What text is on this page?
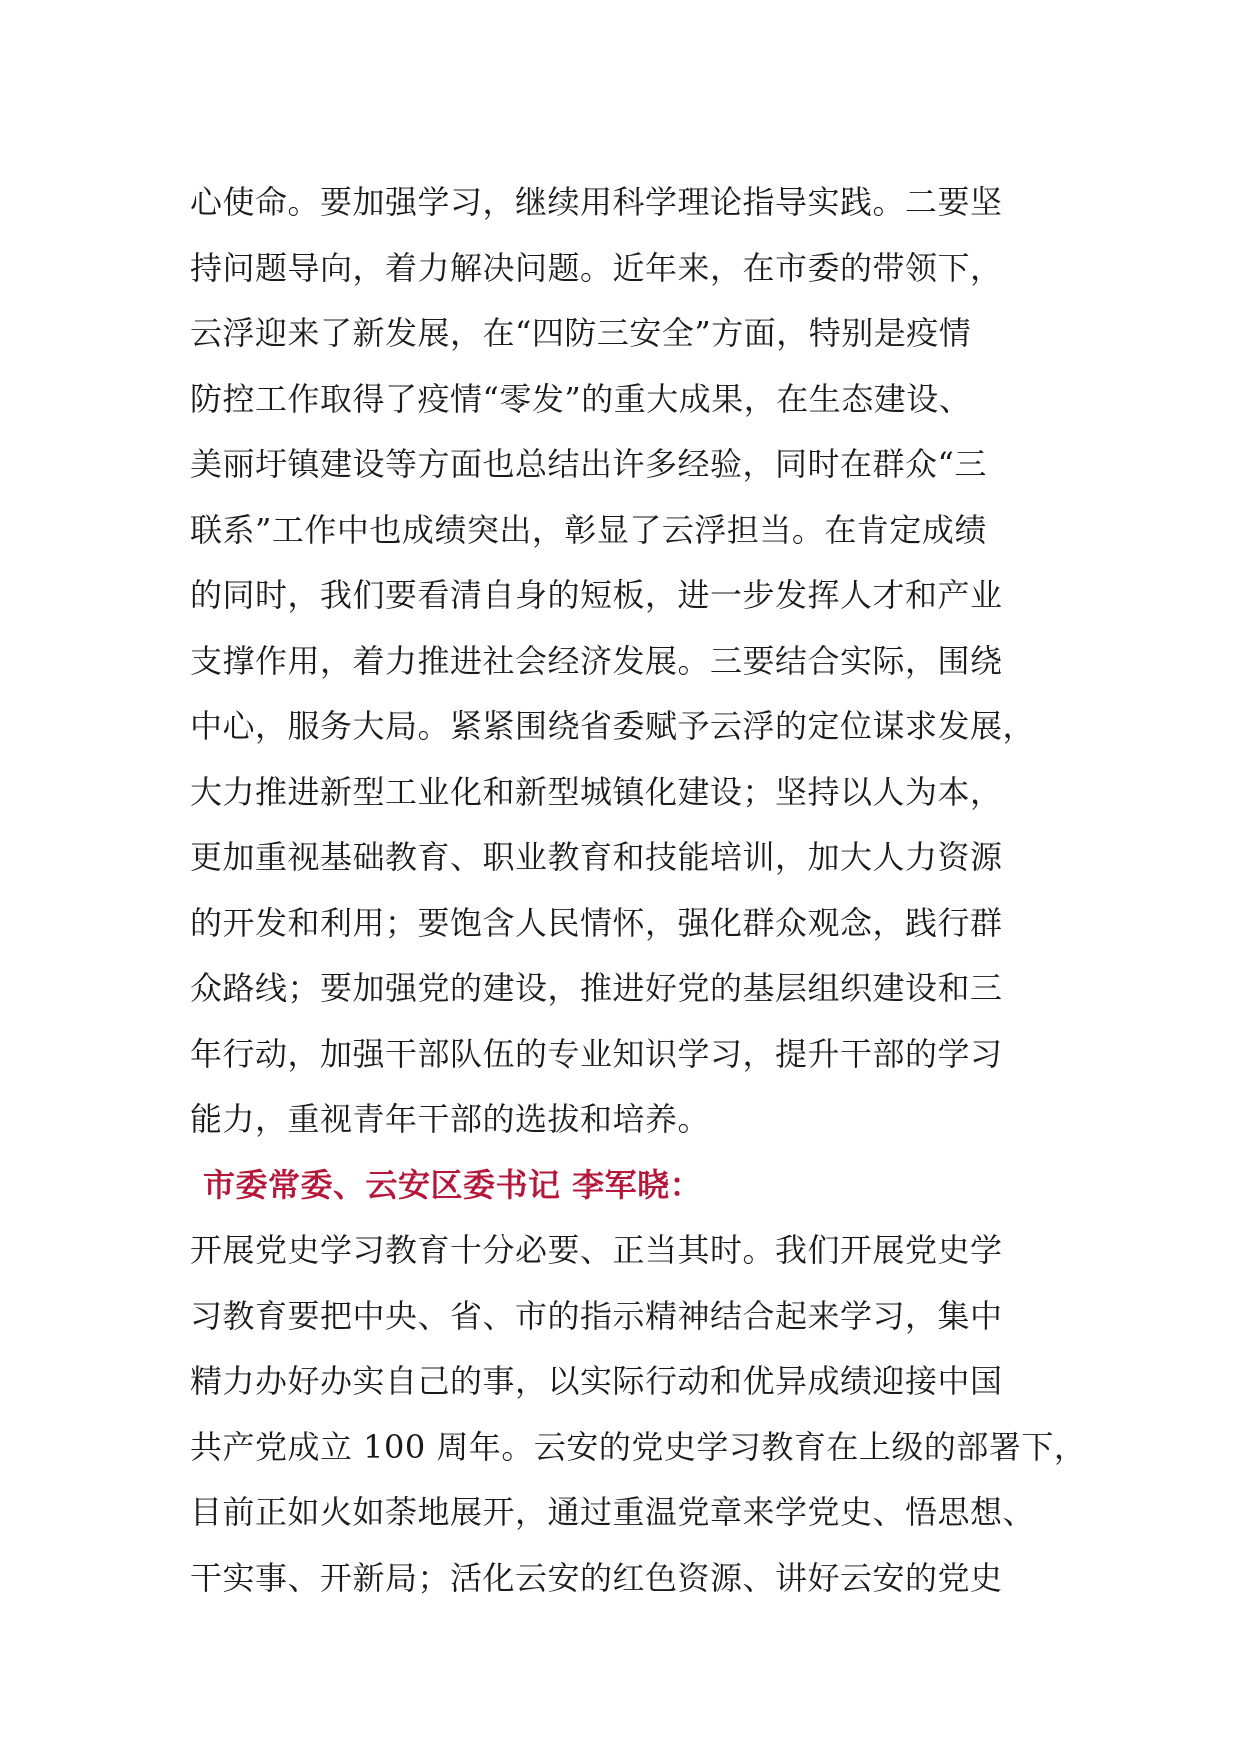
心使命。要加强学习，继续用科学理论指导实践。二要坚
持问题导向，着力解决问题。近年来，在市委的带领下，
云浮迎来了新发展，在“四防三安全”方面，特别是疫情
防控工作取得了疫情“零发”的重大成果，在生态建设、
美丽圩镇建设等方面也总结出许多经验，同时在群众“三
联系”工作中也成绩突出，彰显了云浮担当。在肯定成绩
的同时，我们要看清自身的短板，进一步发挥人才和产业
支撑作用，着力推进社会经济发展。三要结合实际，围绕
中心，服务大局。紧紧围绕省委赋予云浮的定位谋求发展，
大力推进新型工业化和新型城镇化建设；坚持以人为本，
更加重视基础教育、职业教育和技能培训，加大人力资源
的开发和利用；要饱含人民情怀，强化群众观念，践行群
众路线；要加强党的建设，推进好党的基层组织建设和三
年行动，加强干部队伍的专业知识学习，提升干部的学习
能力，重视青年干部的选拔和培养。
市委常委、云安区委书记 李军晓：
开展党史学习教育十分必要、正当其时。我们开展党史学
习教育要把中央、省、市的指示精神结合起来学习，集中
精力办好办实自己的事，以实际行动和优异成绩迎接中国
共产党成立 100 周年。云安的党史学习教育在上级的部署下，
目前正如火如荼地展开，通过重温党章来学党史、悟思想、
干实事、开新局；活化云安的红色资源、讲好云安的党史
